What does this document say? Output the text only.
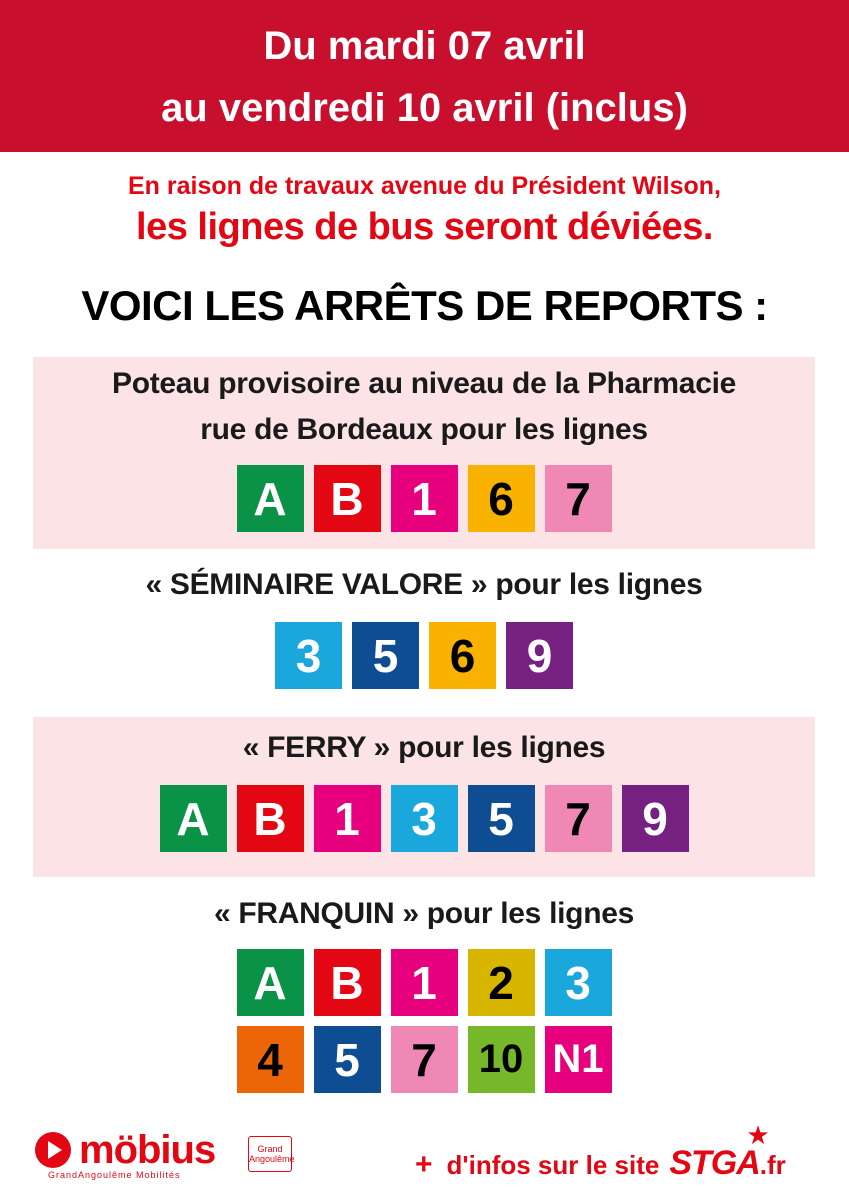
Du mardi 07 avril
au vendredi 10 avril (inclus)
En raison de travaux avenue du Président Wilson,
les lignes de bus seront déviées.
VOICI LES ARRÊTS DE REPORTS :
Poteau provisoire au niveau de la Pharmacie
rue de Bordeaux pour les lignes
A B	1	6	7
« SÉMINAIRE VALORE » pour les lignes
3	5	6	9
« FERRY » pour les lignes
A B	1	3	5	7	9
« FRANQUIN » pour les lignes
A B	1	2	3
4	5	7	10 N1
möbius
GrandAngoulême Mobilités
Grand Angoulême	+ d'infos sur le site STGA
★
.fr
